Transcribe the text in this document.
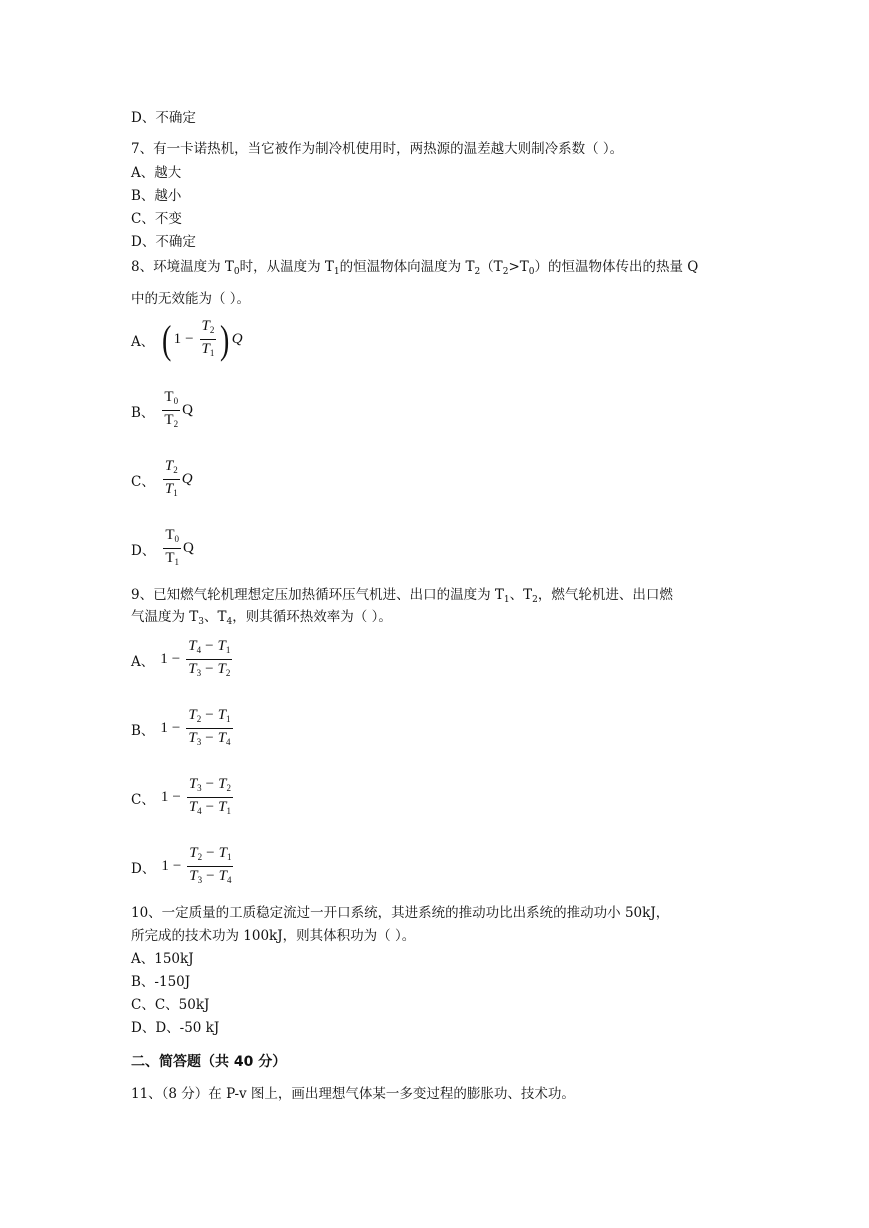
D、不确定
7、有一卡诺热机，当它被作为制冷机使用时，两热源的温差越大则制冷系数（ ）。
A、越大
B、越小
C、不变
D、不确定
8、环境温度为 $T_0$时，从温度为 $T_1$的恒温物体向温度为 $T_2(T_2>T_0)$的恒温物体传出的热量 Q
中的无效能为（ ）。
A、 ( $1 - \frac{T_2}{T_1}$ ) Q
B、 $\frac{T_0}{T_2}$ Q
C、 $\frac{T_2}{T_1}$ Q
D、 $\frac{T_0}{T_1}$ Q
9、已知燃气轮机理想定压加热循环压气机进、出口的温度为 $T_1$、$T_2$，燃气轮机进、出口燃
气温度为 $T_3$、$T_4$，则其循环热效率为（ ）。
A、 $1 - \frac{T_4 - T_1}{T_3 - T_2}$
B、 $1 - \frac{T_2 - T_1}{T_3 - T_4}$
C、 $1 - \frac{T_3 - T_2}{T_4 - T_1}$
D、 $1 - \frac{T_2 - T_1}{T_3 - T_4}$
10、一定质量的工质稳定流过一开口系统，其进系统的推动功比出系统的推动功小 50kJ，
所完成的技术功为 100kJ，则其体积功为（ ）。
A、150kJ
B、-150J
C、C、50kJ
D、D、-50 kJ
二、简答题（共 40 分）
11、（8 分）在 P-v 图上，画出理想气体某一多变过程的膨胀功、技术功。
